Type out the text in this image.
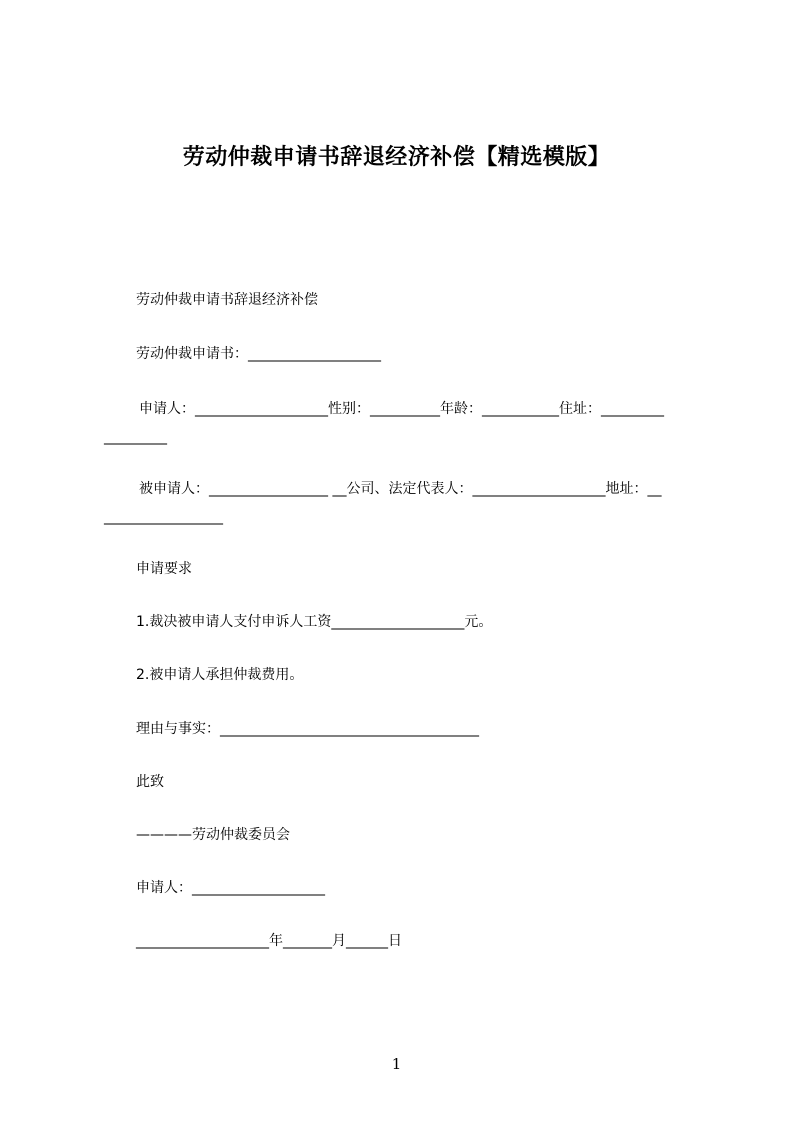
劳动仲裁申请书辞退经济补偿【精选模版】
劳动仲裁申请书辞退经济补偿
劳动仲裁申请书：___________________
申请人：___________________性别：__________年龄：___________住址：_________
_________
被申请人：_________________ __公司、法定代表人：___________________地址：__
_________________
申请要求
1.裁决被申请人支付申诉人工资___________________元。
2.被申请人承担仲裁费用。
理由与事实：_____________________________________
此致
————劳动仲裁委员会
申请人：___________________
___________________年_______月______日
1
